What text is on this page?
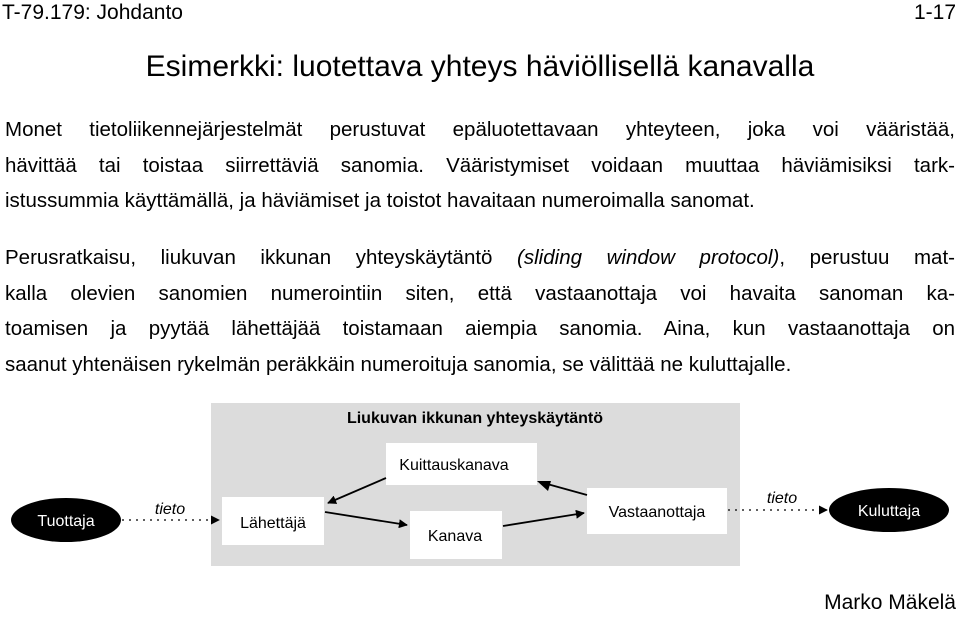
T-79.179: Johdanto	1-17
Esimerkki: luotettava yhteys häviöllisellä kanavalla
Monet tietoliikennejärjestelmät perustuvat epäluotettavaan yhteyteen, joka voi vääristää,
hävittää tai toistaa siirrettäviä sanomia. Vääristymiset voidaan muuttaa häviämisiksi tark-
istussummia käyttämällä, ja häviämiset ja toistot havaitaan numeroimalla sanomat.
Perusratkaisu, liukuvan ikkunan yhteyskäytäntö (sliding window protocol), perustuu mat-
kalla olevien sanomien numerointiin siten, että vastaanottaja voi havaita sanoman ka-
toamisen ja pyytää lähettäjää toistamaan aiempia sanomia. Aina, kun vastaanottaja on
saanut yhtenäisen rykelmän peräkkäin numeroituja sanomia, se välittää ne kuluttajalle.
Liukuvan ikkunan yhteyskäytäntö
Kuittauskanava
Lähettäjä
Kanava
Vastaanottaja
Tuottaja
Kuluttaja
tieto
tieto
Marko Mäkelä
